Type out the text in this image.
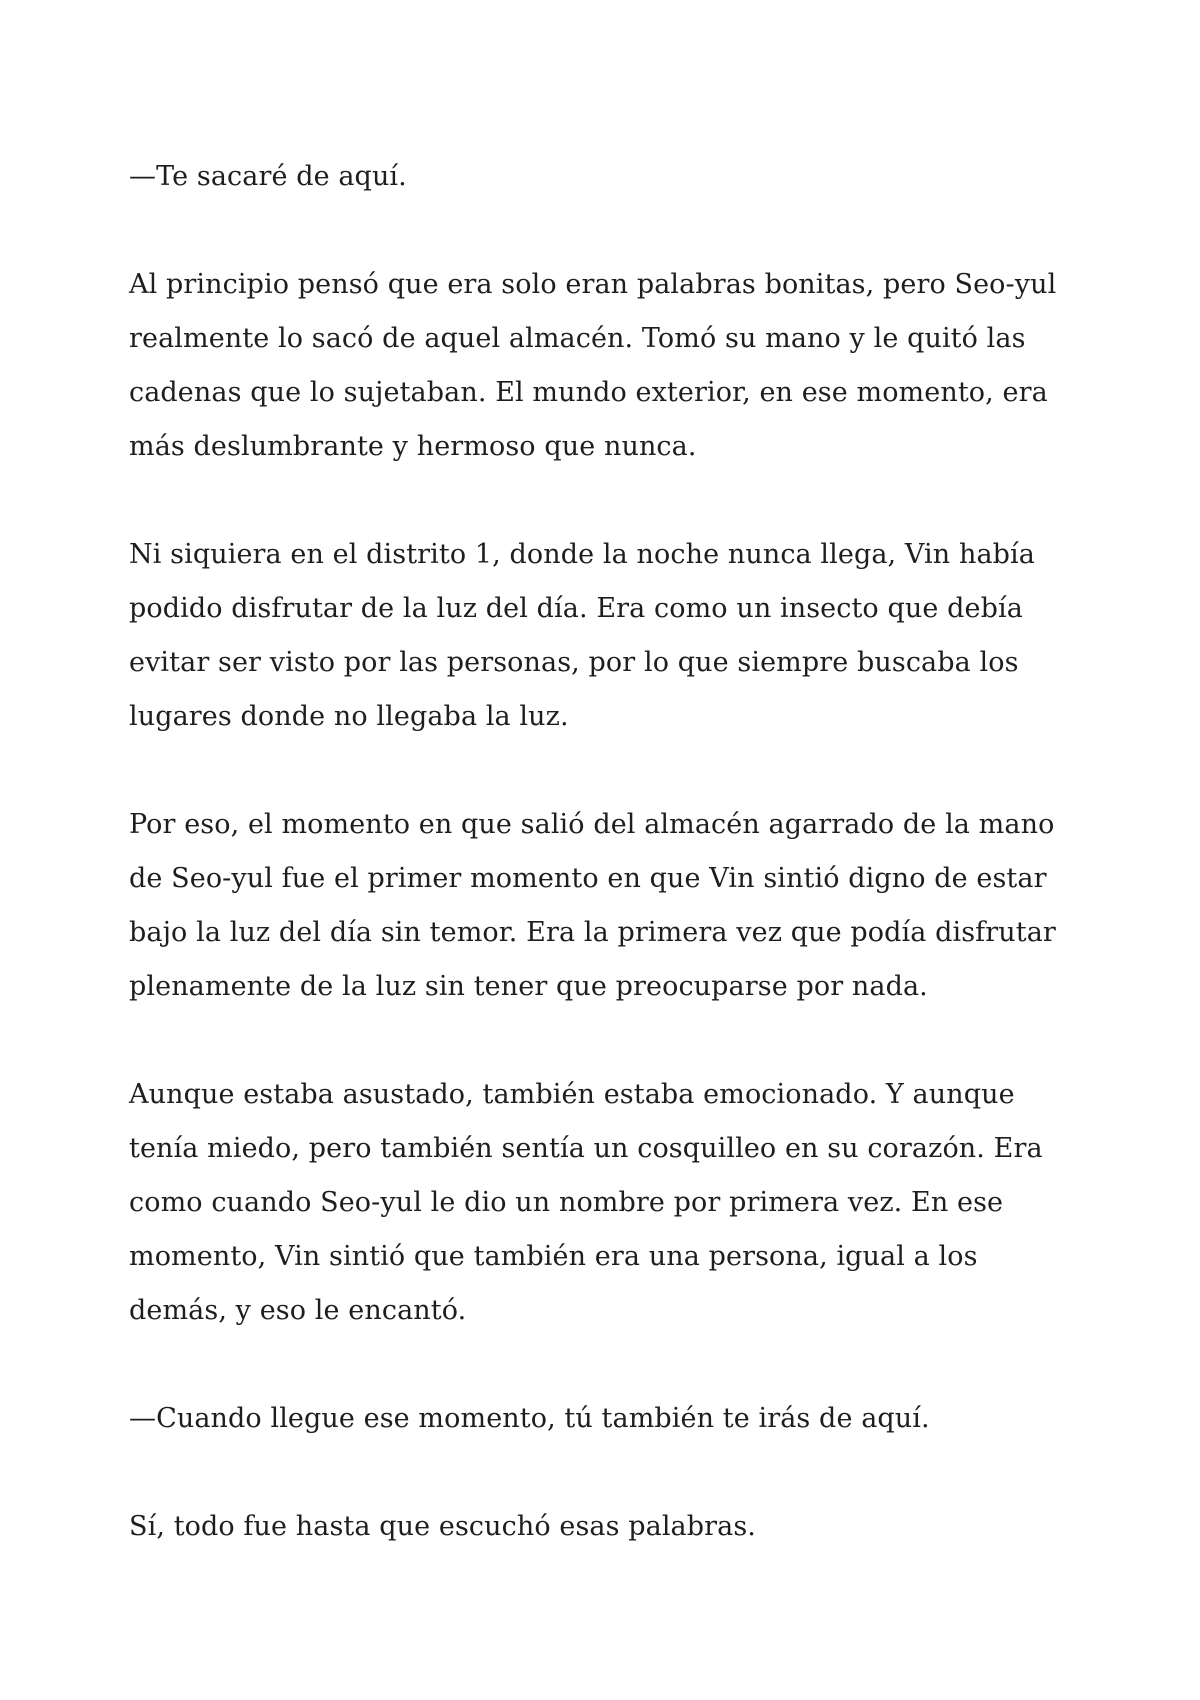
—Te sacaré de aquí.

Al principio pensó que era solo eran palabras bonitas, pero Seo-yul
realmente lo sacó de aquel almacén. Tomó su mano y le quitó las
cadenas que lo sujetaban. El mundo exterior, en ese momento, era
más deslumbrante y hermoso que nunca.

Ni siquiera en el distrito 1, donde la noche nunca llega, Vin había
podido disfrutar de la luz del día. Era como un insecto que debía
evitar ser visto por las personas, por lo que siempre buscaba los
lugares donde no llegaba la luz.

Por eso, el momento en que salió del almacén agarrado de la mano
de Seo-yul fue el primer momento en que Vin sintió digno de estar
bajo la luz del día sin temor. Era la primera vez que podía disfrutar
plenamente de la luz sin tener que preocuparse por nada.

Aunque estaba asustado, también estaba emocionado. Y aunque
tenía miedo, pero también sentía un cosquilleo en su corazón. Era
como cuando Seo-yul le dio un nombre por primera vez. En ese
momento, Vin sintió que también era una persona, igual a los
demás, y eso le encantó.

—Cuando llegue ese momento, tú también te irás de aquí.

Sí, todo fue hasta que escuchó esas palabras.
